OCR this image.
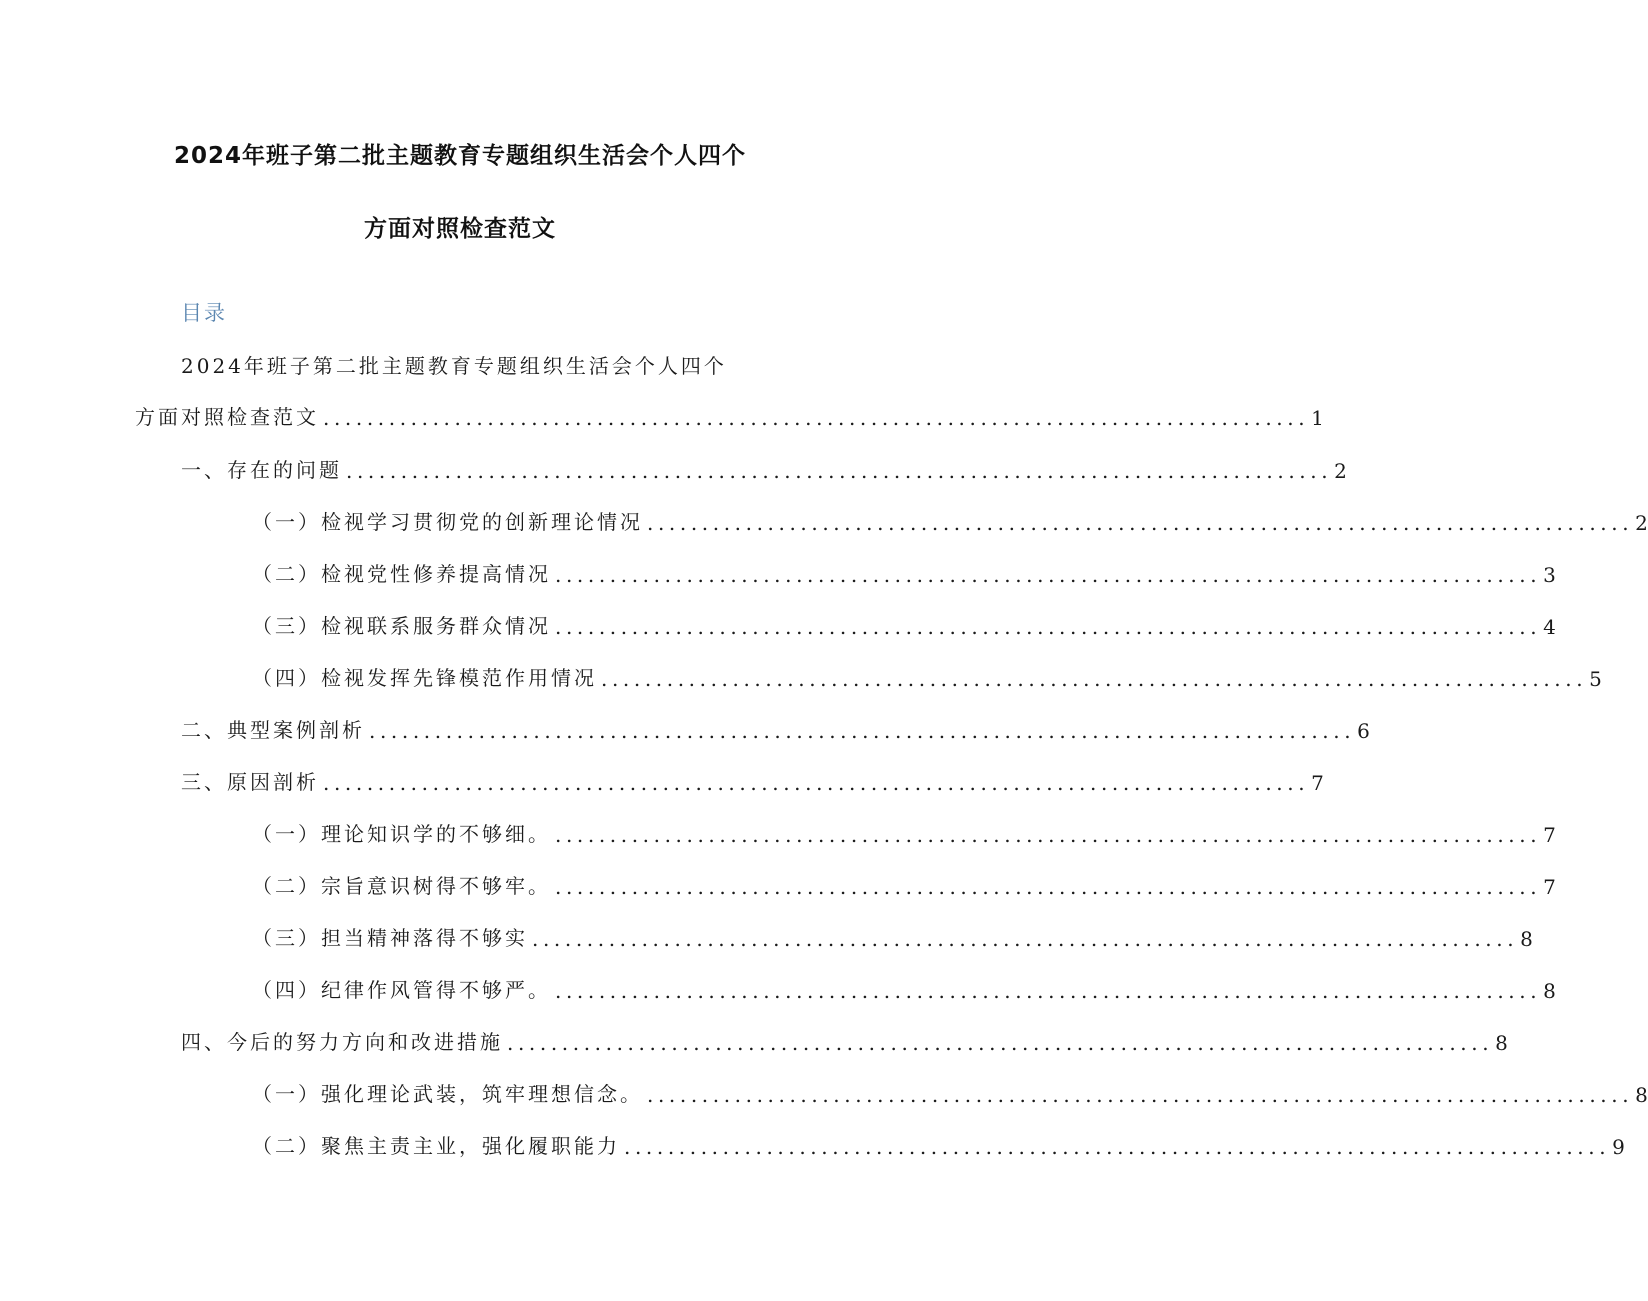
2024年班子第二批主题教育专题组织生活会个人四个
方面对照检查范文
目录
2024年班子第二批主题教育专题组织生活会个人四个
方面对照检查范文 .......................................................................................... 1
一、存在的问题 .......................................................................................... 2
（一）检视学习贯彻党的创新理论情况 .......................................................................................... 2
（二）检视党性修养提高情况 .......................................................................................... 3
（三）检视联系服务群众情况 .......................................................................................... 4
（四）检视发挥先锋模范作用情况 .......................................................................................... 5
二、典型案例剖析 .......................................................................................... 6
三、原因剖析 .......................................................................................... 7
（一）理论知识学的不够细。 .......................................................................................... 7
（二）宗旨意识树得不够牢。 .......................................................................................... 7
（三）担当精神落得不够实 .......................................................................................... 8
（四）纪律作风管得不够严。 .......................................................................................... 8
四、今后的努力方向和改进措施 .......................................................................................... 8
（一）强化理论武装，筑牢理想信念。 .......................................................................................... 8
（二）聚焦主责主业，强化履职能力 .......................................................................................... 9
